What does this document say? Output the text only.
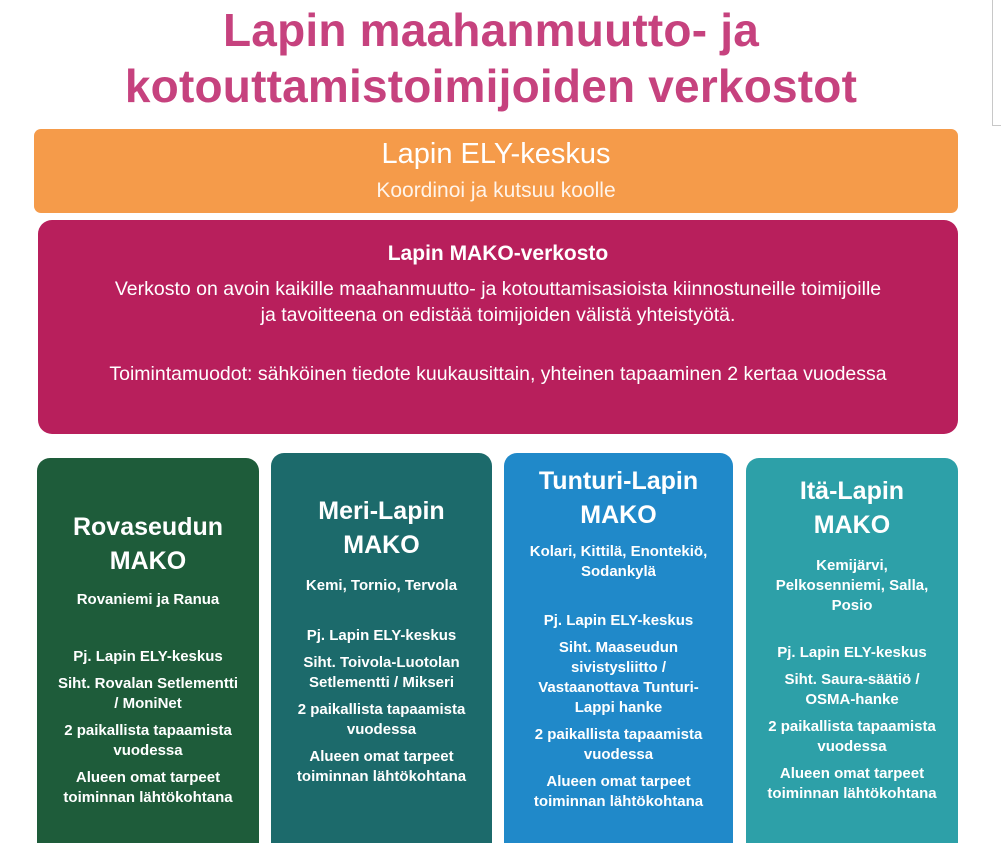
Lapin maahanmuutto- ja
kotouttamistoimijoiden verkostot
Lapin ELY-keskus
Koordinoi ja kutsuu koolle
Lapin MAKO-verkosto
Verkosto on avoin kaikille maahanmuutto- ja kotouttamisasioista kiinnostuneille toimijoille
ja tavoitteena on edistää toimijoiden välistä yhteistyötä.
Toimintamuodot: sähköinen tiedote kuukausittain, yhteinen tapaaminen 2 kertaa vuodessa
Rovaseudun
MAKO
Rovaniemi ja Ranua
Pj. Lapin ELY-keskus
Siht. Rovalan Setlementti
/ MoniNet
2 paikallista tapaamista
vuodessa
Alueen omat tarpeet
toiminnan lähtökohtana
Meri-Lapin
MAKO
Kemi, Tornio, Tervola
Pj. Lapin ELY-keskus
Siht. Toivola-Luotolan
Setlementti / Mikseri
2 paikallista tapaamista
vuodessa
Alueen omat tarpeet
toiminnan lähtökohtana
Tunturi-Lapin
MAKO
Kolari, Kittilä, Enontekiö,
Sodankylä
Pj. Lapin ELY-keskus
Siht. Maaseudun
sivistysliitto /
Vastaanottava Tunturi-
Lappi hanke
2 paikallista tapaamista
vuodessa
Alueen omat tarpeet
toiminnan lähtökohtana
Itä-Lapin
MAKO
Kemijärvi,
Pelkosenniemi, Salla,
Posio
Pj. Lapin ELY-keskus
Siht. Saura-säätiö /
OSMA-hanke
2 paikallista tapaamista
vuodessa
Alueen omat tarpeet
toiminnan lähtökohtana
